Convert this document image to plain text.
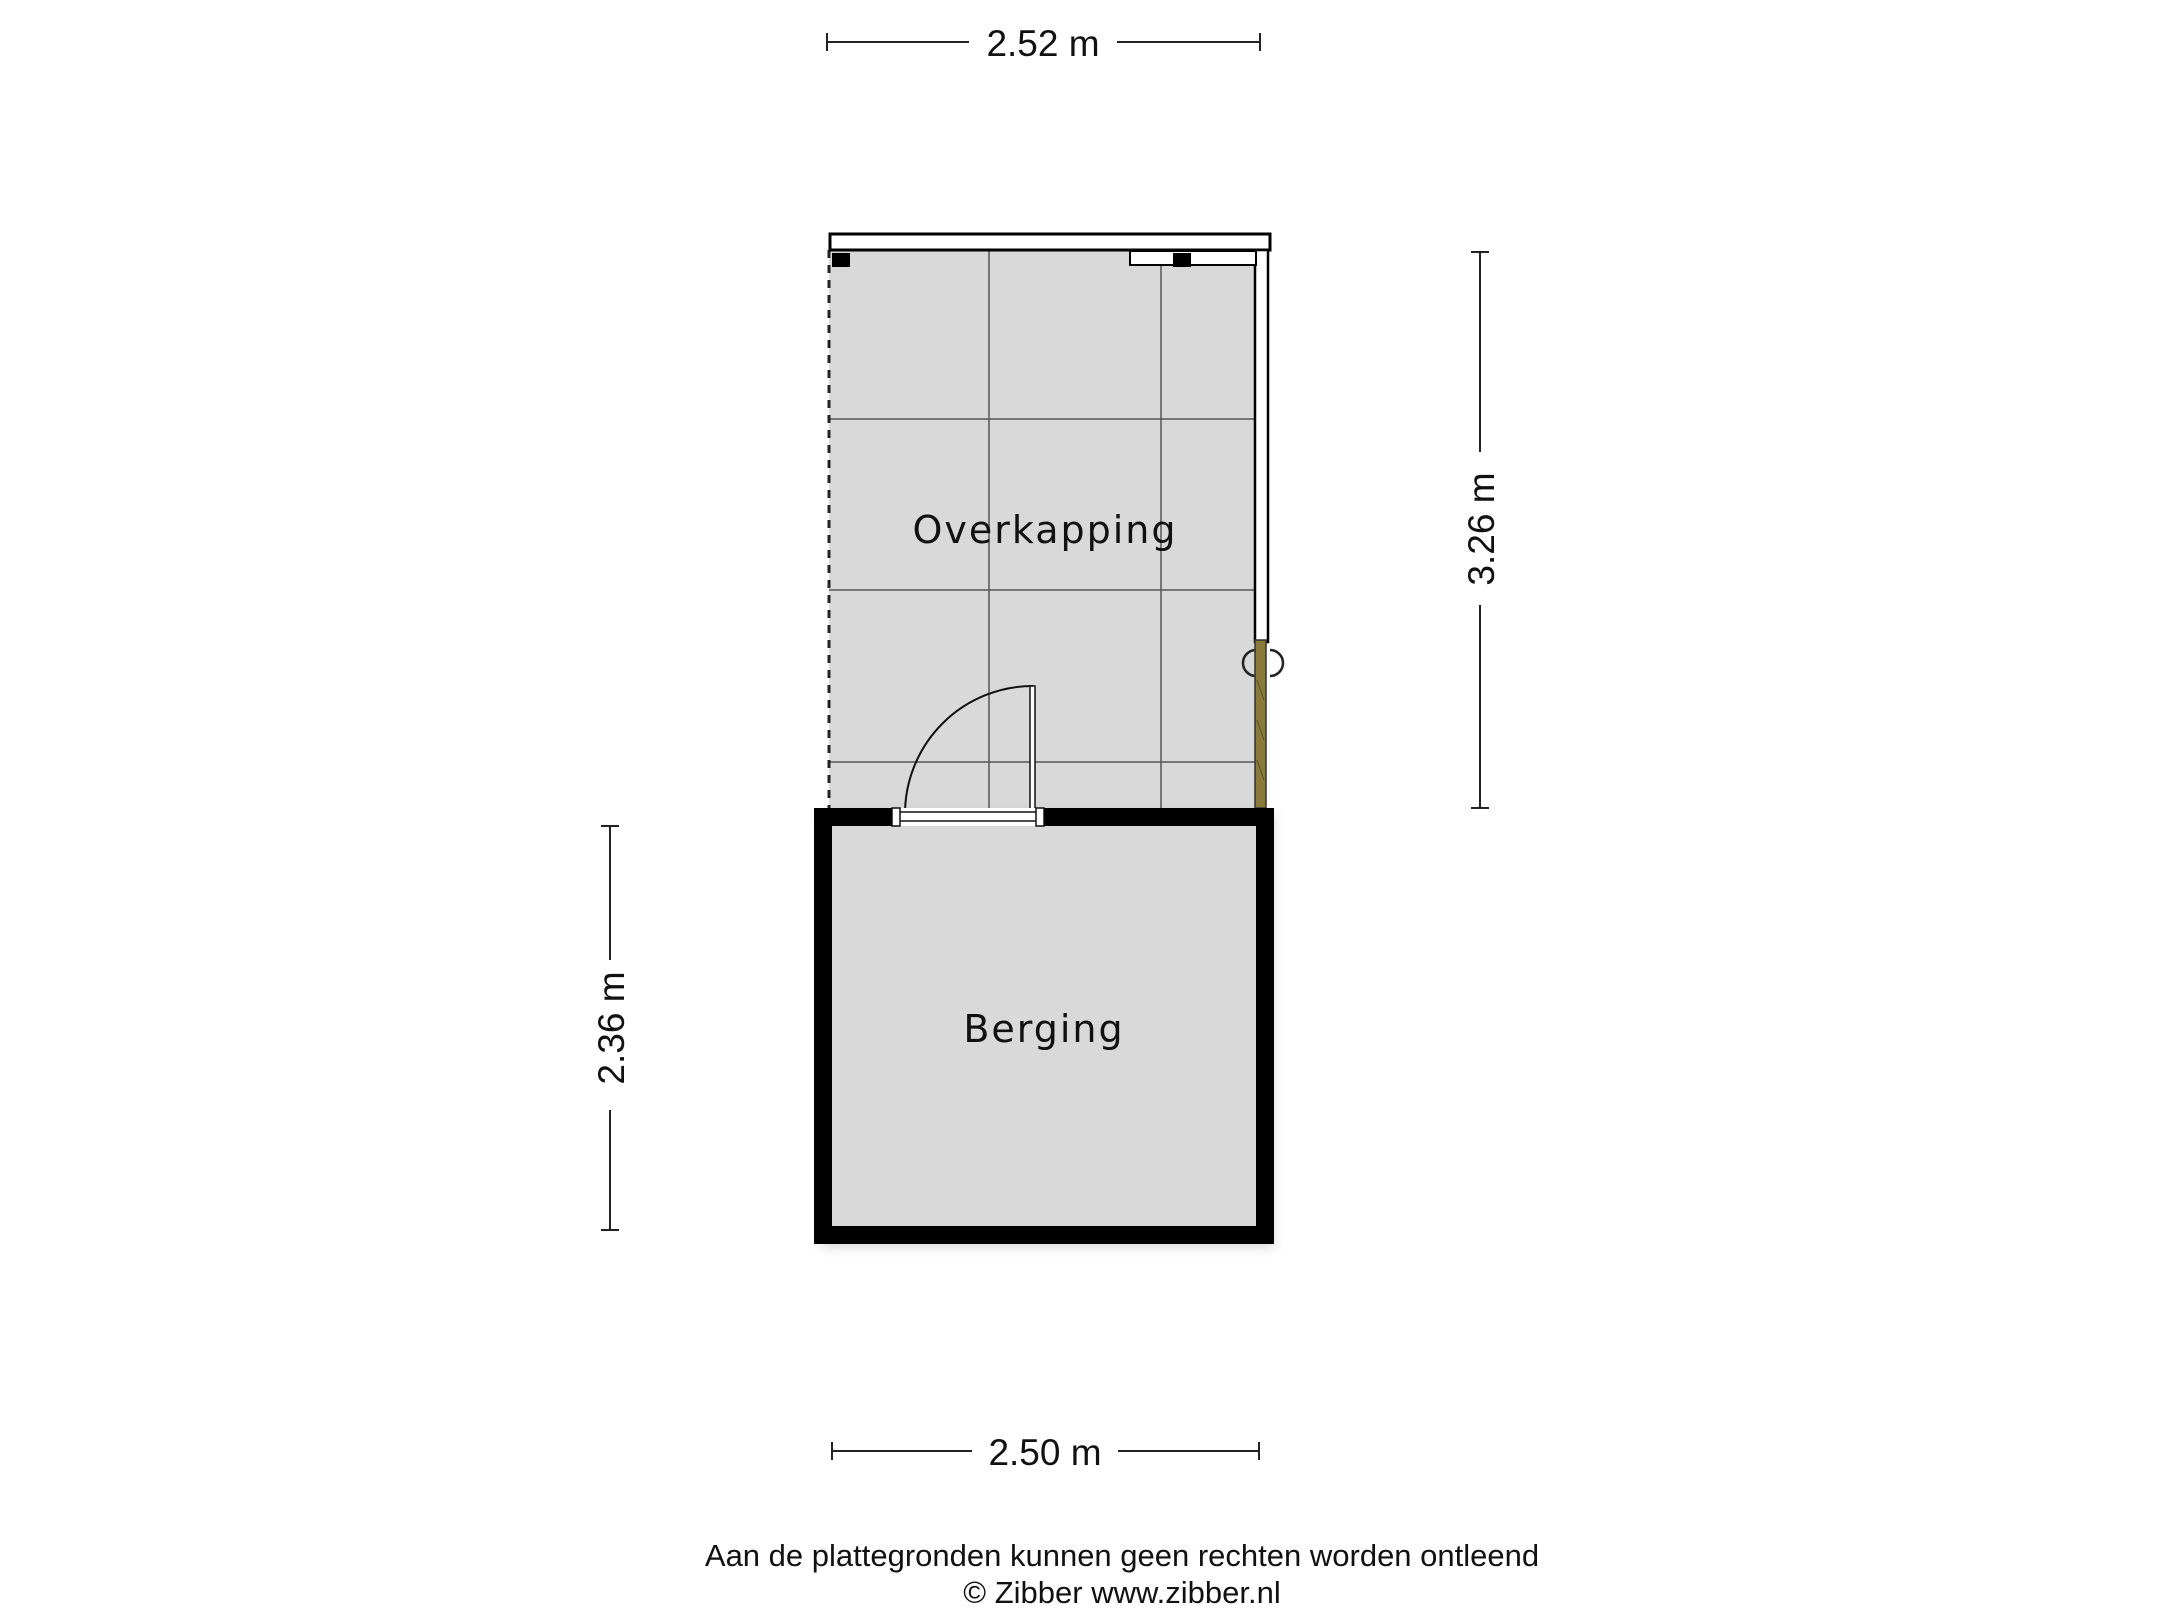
2.52 m
Overkapping
Berging
3.26 m
2.36 m
2.50 m
Aan de plattegronden kunnen geen rechten worden ontleend
© Zibber www.zibber.nl
